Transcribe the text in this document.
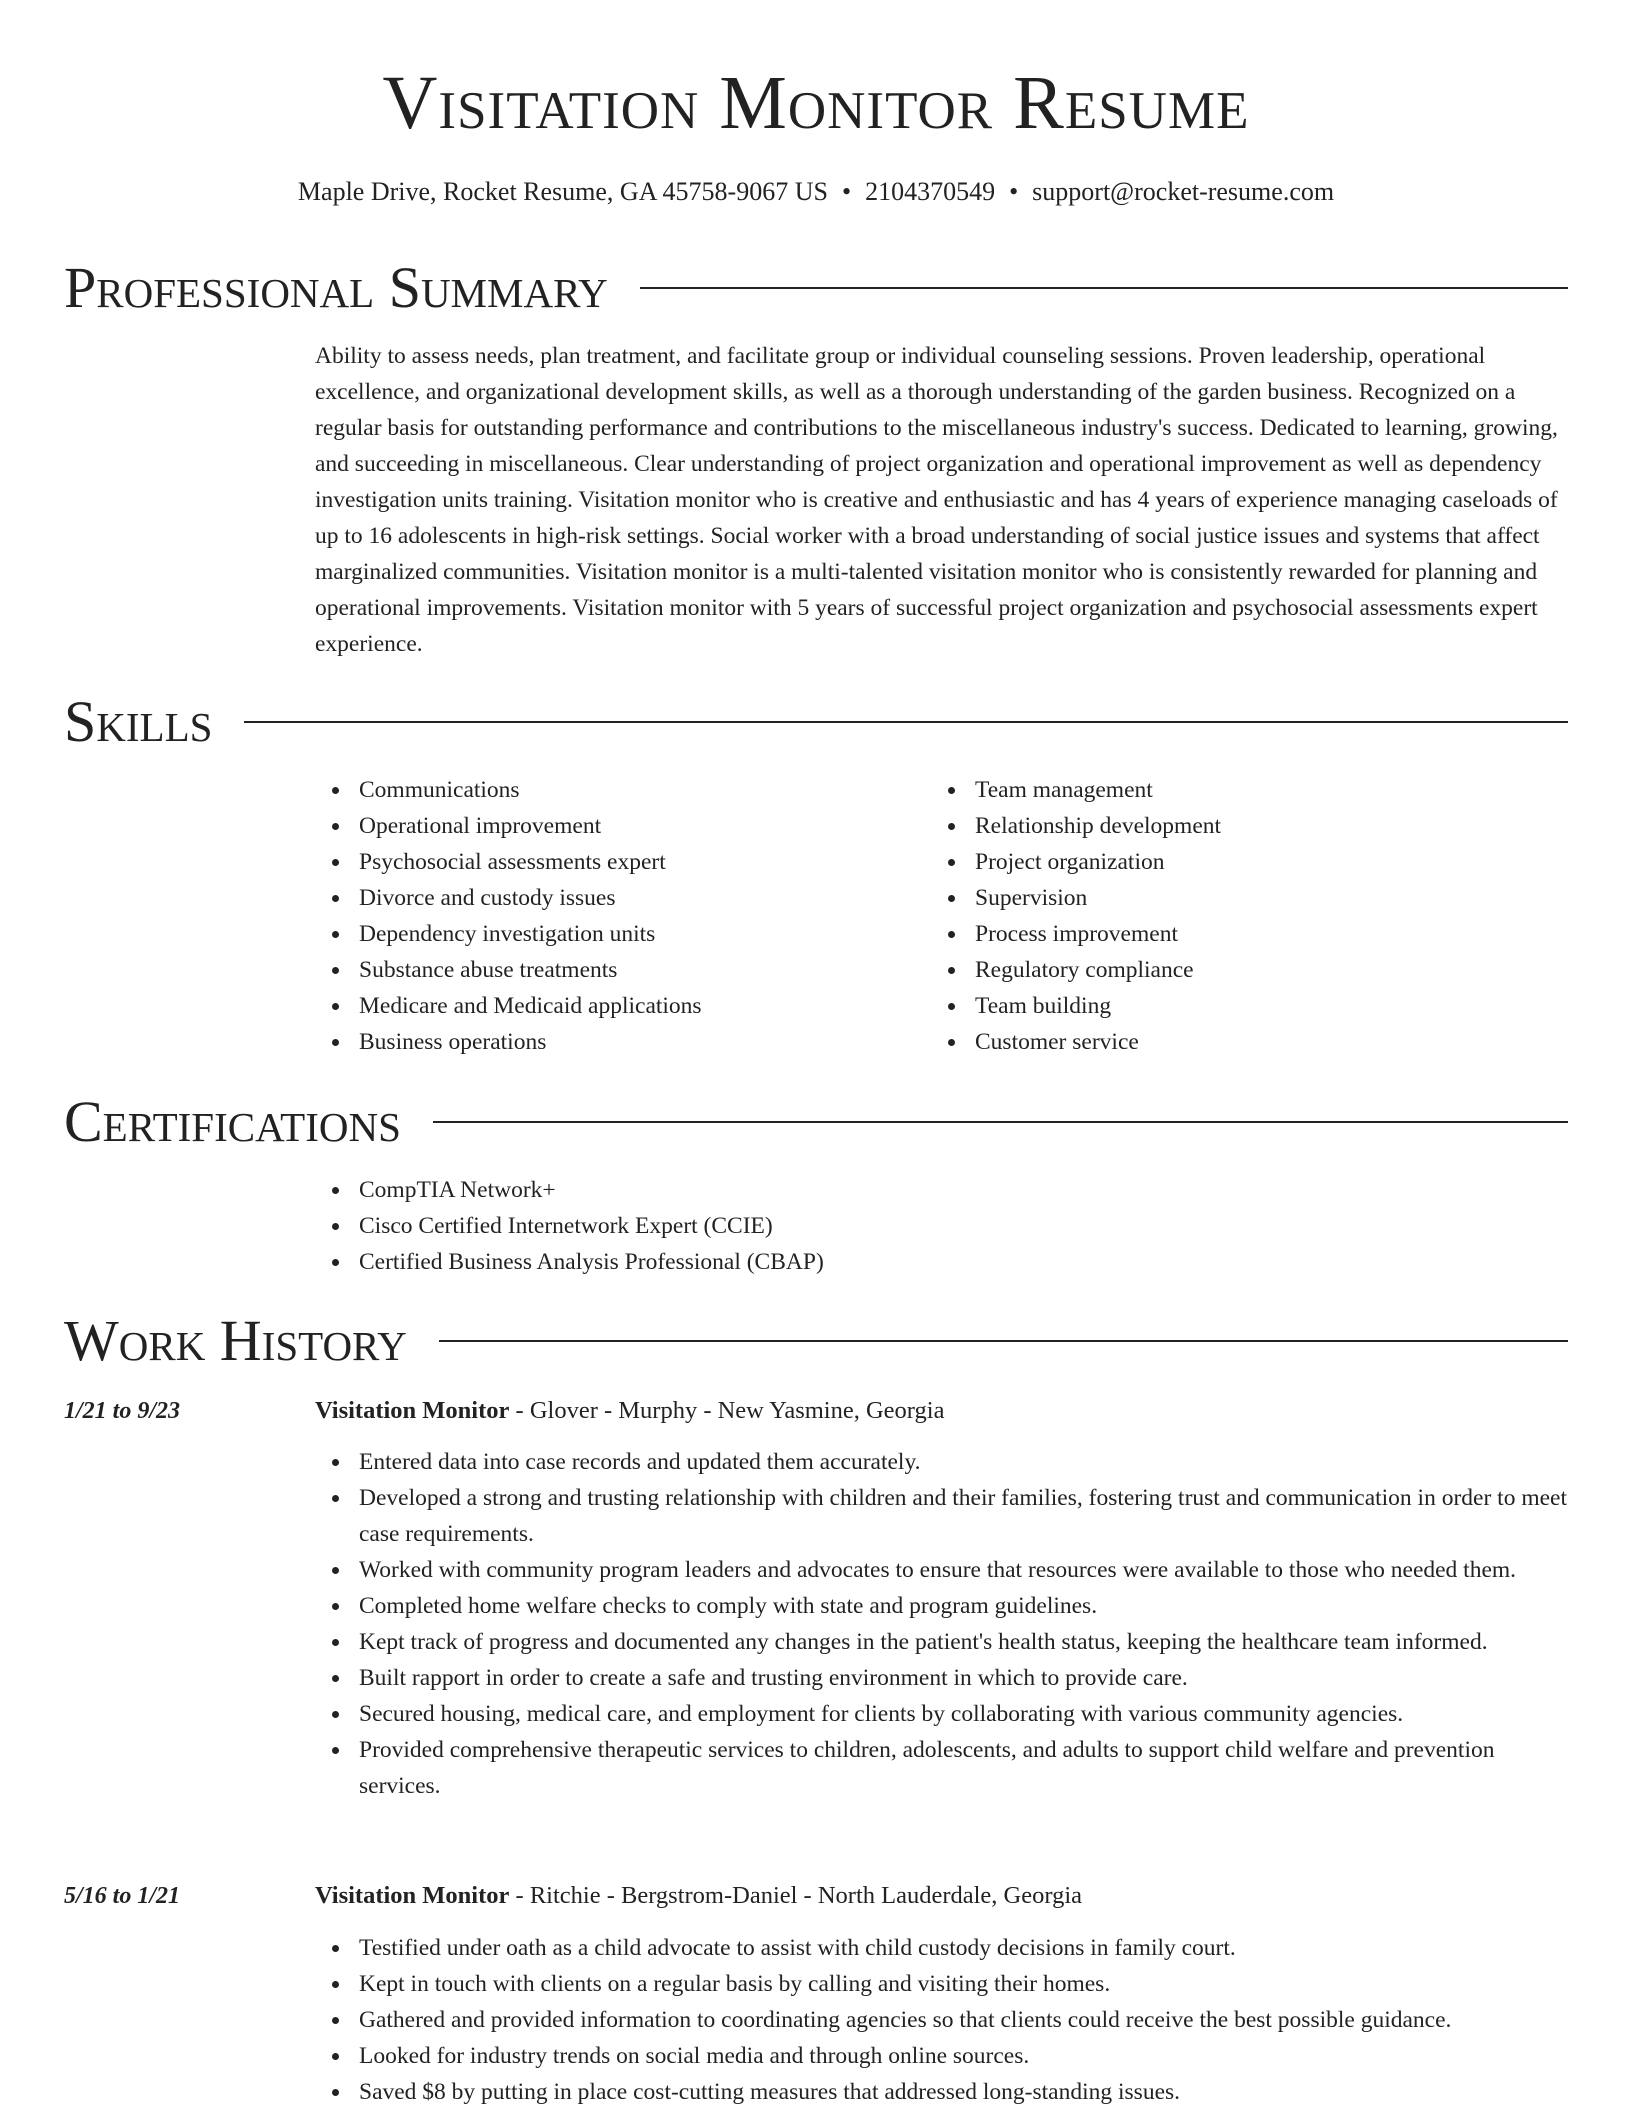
Visitation Monitor Resume
Maple Drive, Rocket Resume, GA 45758-9067 US • 2104370549 • support@rocket-resume.com
Professional Summary

Ability to assess needs, plan treatment, and facilitate group or individual counseling sessions. Proven leadership, operational excellence, and organizational development skills, as well as a thorough understanding of the garden business. Recognized on a regular basis for outstanding performance and contributions to the miscellaneous industry's success. Dedicated to learning, growing, and succeeding in miscellaneous. Clear understanding of project organization and operational improvement as well as dependency investigation units training. Visitation monitor who is creative and enthusiastic and has 4 years of experience managing caseloads of up to 16 adolescents in high-risk settings. Social worker with a broad understanding of social justice issues and systems that affect marginalized communities. Visitation monitor is a multi-talented visitation monitor who is consistently rewarded for planning and operational improvements. Visitation monitor with 5 years of successful project organization and psychosocial assessments expert experience.

Skills
Communications
Operational improvement
Psychosocial assessments expert
Divorce and custody issues
Dependency investigation units
Substance abuse treatments
Medicare and Medicaid applications
Business operations
Team management
Relationship development
Project organization
Supervision
Process improvement
Regulatory compliance
Team building
Customer service
Certifications
CompTIA Network+
Cisco Certified Internetwork Expert (CCIE)
Certified Business Analysis Professional (CBAP)
Work History
1/21 to 9/23	Visitation Monitor - Glover - Murphy - New Yasmine, Georgia
Entered data into case records and updated them accurately.
Developed a strong and trusting relationship with children and their families, fostering trust and communication in order to meet case requirements.
Worked with community program leaders and advocates to ensure that resources were available to those who needed them.
Completed home welfare checks to comply with state and program guidelines.
Kept track of progress and documented any changes in the patient's health status, keeping the healthcare team informed.
Built rapport in order to create a safe and trusting environment in which to provide care.
Secured housing, medical care, and employment for clients by collaborating with various community agencies.
Provided comprehensive therapeutic services to children, adolescents, and adults to support child welfare and prevention services.
5/16 to 1/21	Visitation Monitor - Ritchie - Bergstrom-Daniel - North Lauderdale, Georgia
Testified under oath as a child advocate to assist with child custody decisions in family court.
Kept in touch with clients on a regular basis by calling and visiting their homes.
Gathered and provided information to coordinating agencies so that clients could receive the best possible guidance.
Looked for industry trends on social media and through online sources.
Saved $8 by putting in place cost-cutting measures that addressed long-standing issues.
